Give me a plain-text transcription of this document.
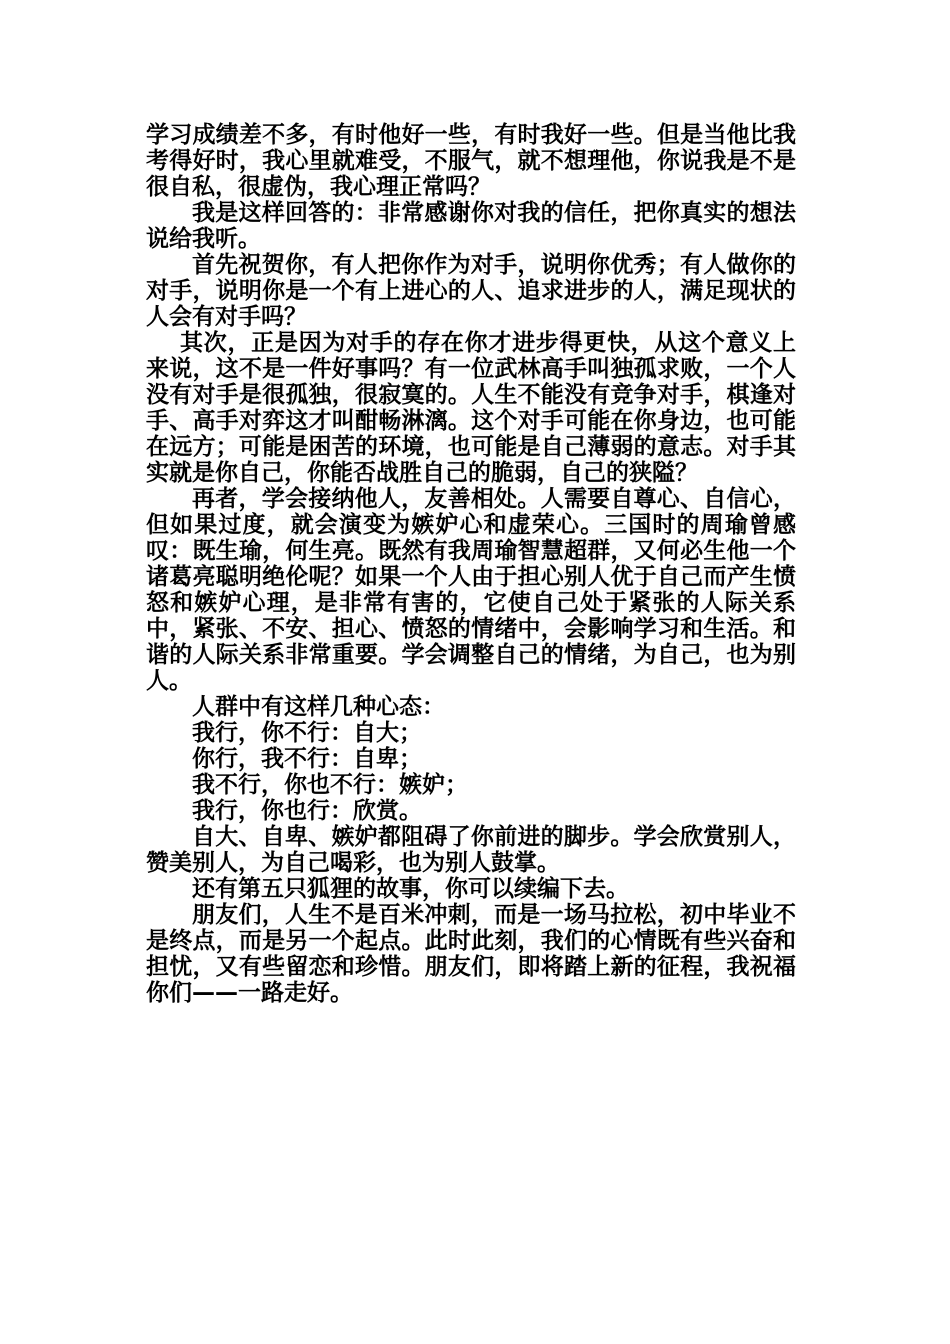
学习成绩差不多，有时他好一些，有时我好一些。但是当他比我考得好时，我心里就难受，不服气，就不想理他，你说我是不是很自私，很虚伪，我心理正常吗？

我是这样回答的：非常感谢你对我的信任，把你真实的想法说给我听。

首先祝贺你，有人把你作为对手，说明你优秀；有人做你的对手，说明你是一个有上进心的人、追求进步的人，满足现状的人会有对手吗？

其次，正是因为对手的存在你才进步得更快，从这个意义上来说，这不是一件好事吗？有一位武林高手叫独孤求败，一个人没有对手是很孤独，很寂寞的。人生不能没有竞争对手，棋逢对手、高手对弈这才叫酣畅淋漓。这个对手可能在你身边，也可能在远方；可能是困苦的环境，也可能是自己薄弱的意志。对手其实就是你自己，你能否战胜自己的脆弱，自己的狭隘？

再者，学会接纳他人，友善相处。人需要自尊心、自信心，但如果过度，就会演变为嫉妒心和虚荣心。三国时的周瑜曾感叹：既生瑜，何生亮。既然有我周瑜智慧超群，又何必生他一个诸葛亮聪明绝伦呢？如果一个人由于担心别人优于自己而产生愤怒和嫉妒心理，是非常有害的，它使自己处于紧张的人际关系中，紧张、不安、担心、愤怒的情绪中，会影响学习和生活。和谐的人际关系非常重要。学会调整自己的情绪，为自己，也为别人。

人群中有这样几种心态：

我行，你不行：自大；

你行，我不行：自卑；

我不行，你也不行：嫉妒；

我行，你也行：欣赏。

自大、自卑、嫉妒都阻碍了你前进的脚步。学会欣赏别人，赞美别人，为自己喝彩，也为别人鼓掌。

还有第五只狐狸的故事，你可以续编下去。

朋友们，人生不是百米冲刺，而是一场马拉松，初中毕业不是终点，而是另一个起点。此时此刻，我们的心情既有些兴奋和担忧，又有些留恋和珍惜。朋友们，即将踏上新的征程，我祝福你们——一路走好。
